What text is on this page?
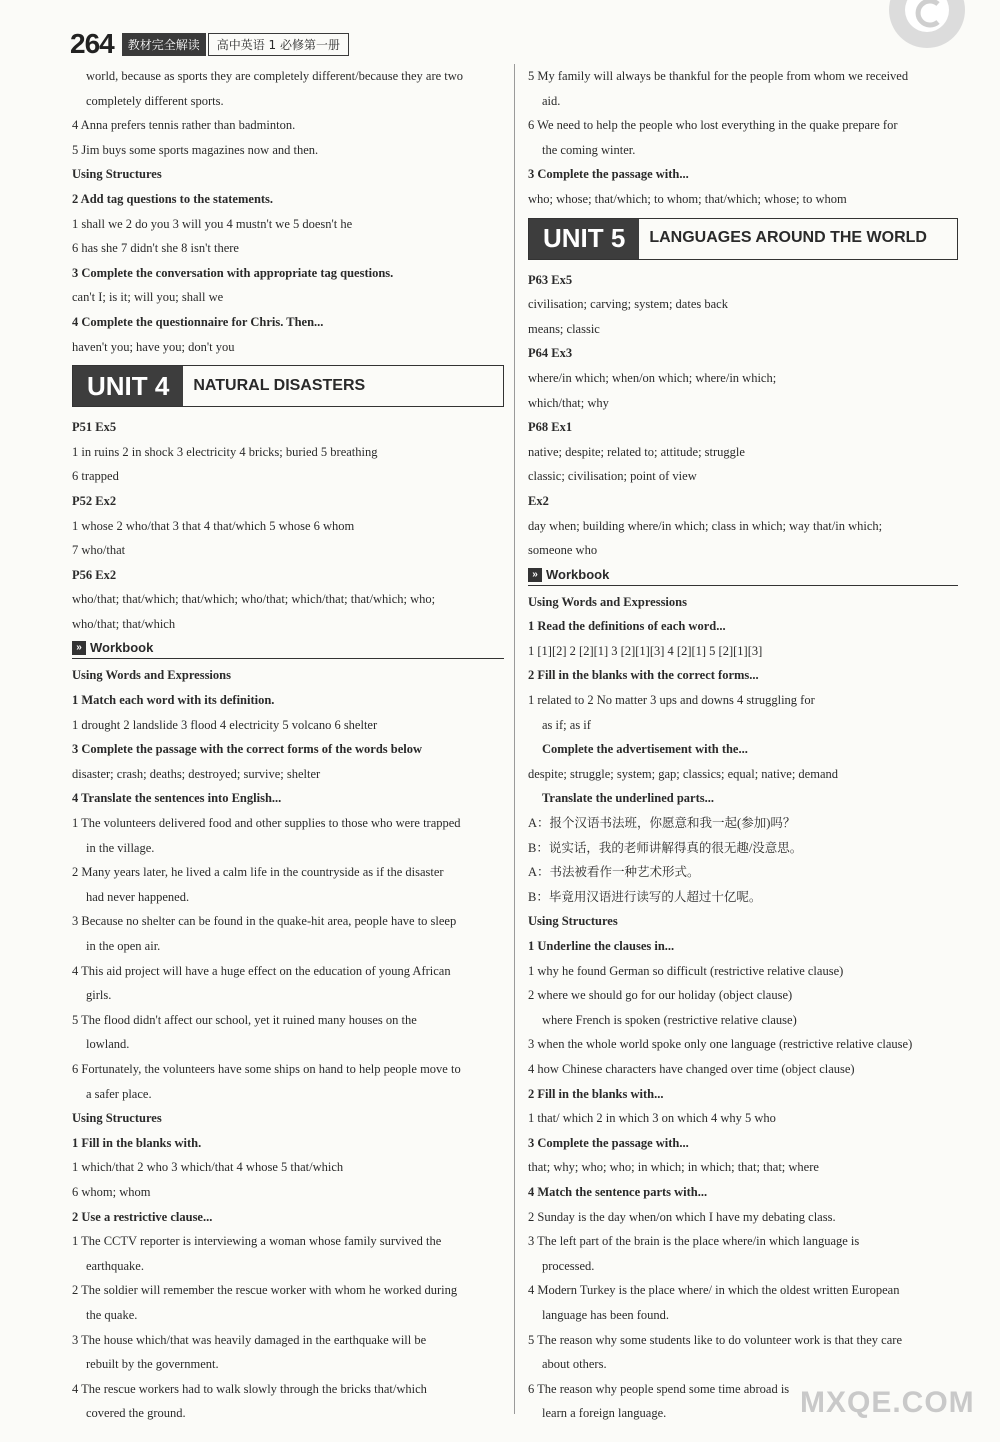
264	教材完全解读	高中英语 1 必修第一册
world, because as sports they are completely different/because they are two
completely different sports.
4 Anna prefers tennis rather than badminton.
5 Jim buys some sports magazines now and then.
Using Structures
2 Add tag questions to the statements.
1 shall we 2 do you 3 will you 4 mustn't we 5 doesn't he
6 has she 7 didn't she 8 isn't there
3 Complete the conversation with appropriate tag questions.
can't I; is it; will you; shall we
4 Complete the questionnaire for Chris. Then...
haven't you; have you; don't you
UNIT 4	NATURAL DISASTERS
P51 Ex5
1 in ruins 2 in shock 3 electricity 4 bricks; buried 5 breathing
6 trapped
P52 Ex2
1 whose 2 who/that 3 that 4 that/which 5 whose 6 whom
7 who/that
P56 Ex2
who/that; that/which; that/which; who/that; which/that; that/which; who;
who/that; that/which
» Workbook
Using Words and Expressions
1 Match each word with its definition.
1 drought 2 landslide 3 flood 4 electricity 5 volcano 6 shelter
3 Complete the passage with the correct forms of the words below
disaster; crash; deaths; destroyed; survive; shelter
4 Translate the sentences into English...
1 The volunteers delivered food and other supplies to those who were trapped
in the village.
2 Many years later, he lived a calm life in the countryside as if the disaster
had never happened.
3 Because no shelter can be found in the quake-hit area, people have to sleep
in the open air.
4 This aid project will have a huge effect on the education of young African
girls.
5 The flood didn't affect our school, yet it ruined many houses on the
lowland.
6 Fortunately, the volunteers have some ships on hand to help people move to
a safer place.
Using Structures
1 Fill in the blanks with.
1 which/that 2 who 3 which/that 4 whose 5 that/which
6 whom; whom
2 Use a restrictive clause...
1 The CCTV reporter is interviewing a woman whose family survived the
earthquake.
2 The soldier will remember the rescue worker with whom he worked during
the quake.
3 The house which/that was heavily damaged in the earthquake will be
rebuilt by the government.
4 The rescue workers had to walk slowly through the bricks that/which
covered the ground.
5 My family will always be thankful for the people from whom we received
aid.
6 We need to help the people who lost everything in the quake prepare for
the coming winter.
3 Complete the passage with...
who; whose; that/which; to whom; that/which; whose; to whom
UNIT 5	LANGUAGES AROUND THE WORLD
P63 Ex5
civilisation; carving; system; dates back
means; classic
P64 Ex3
where/in which; when/on which; where/in which;
which/that; why
P68 Ex1
native; despite; related to; attitude; struggle
classic; civilisation; point of view
Ex2
day when; building where/in which; class in which; way that/in which;
someone who
» Workbook
Using Words and Expressions
1 Read the definitions of each word...
1 [1][2] 2 [2][1] 3 [2][1][3] 4 [2][1] 5 [2][1][3]
2 Fill in the blanks with the correct forms...
1 related to 2 No matter 3 ups and downs 4 struggling for
as if; as if
Complete the advertisement with the...
despite; struggle; system; gap; classics; equal; native; demand
Translate the underlined parts...
A：报个汉语书法班，你愿意和我一起(参加)吗？
B：说实话，我的老师讲解得真的很无趣/没意思。
A：书法被看作一种艺术形式。
B：毕竟用汉语进行读写的人超过十亿呢。
Using Structures
1 Underline the clauses in...
1 why he found German so difficult (restrictive relative clause)
2 where we should go for our holiday (object clause)
where French is spoken (restrictive relative clause)
3 when the whole world spoke only one language (restrictive relative clause)
4 how Chinese characters have changed over time (object clause)
2 Fill in the blanks with...
1 that/ which 2 in which 3 on which 4 why 5 who
3 Complete the passage with...
that; why; who; who; in which; in which; that; that; where
4 Match the sentence parts with...
2 Sunday is the day when/on which I have my debating class.
3 The left part of the brain is the place where/in which language is
processed.
4 Modern Turkey is the place where/ in which the oldest written European
language has been found.
5 The reason why some students like to do volunteer work is that they care
about others.
6 The reason why people spend some time abroad is
learn a foreign language.	MXQE.COM
